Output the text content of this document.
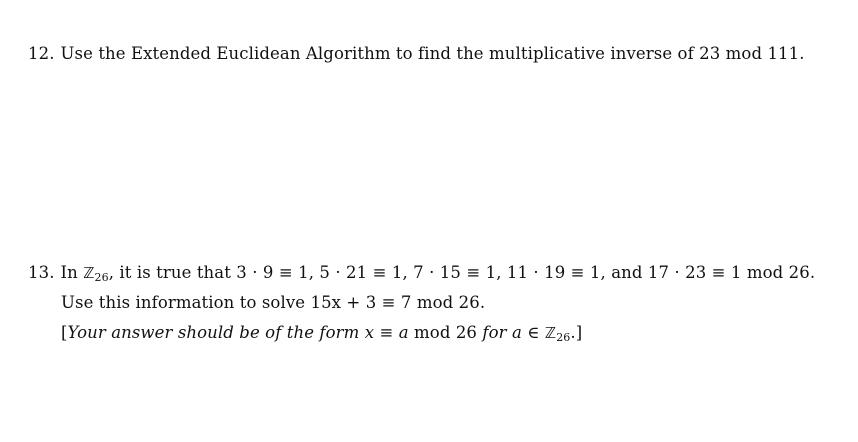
12. Use the Extended Euclidean Algorithm to find the multiplicative inverse of 23 mod 111.
13. In ℤ$_{26}$, it is true that 3 · 9 ≡ 1, 5 · 21 ≡ 1, 7 · 15 ≡ 1, 11 · 19 ≡ 1, and 17 · 23 ≡ 1 mod 26.
Use this information to solve 15x + 3 ≡ 7 mod 26.
[Your answer should be of the form x ≡ a mod 26 for a ∈ ℤ$_{26}$.]
